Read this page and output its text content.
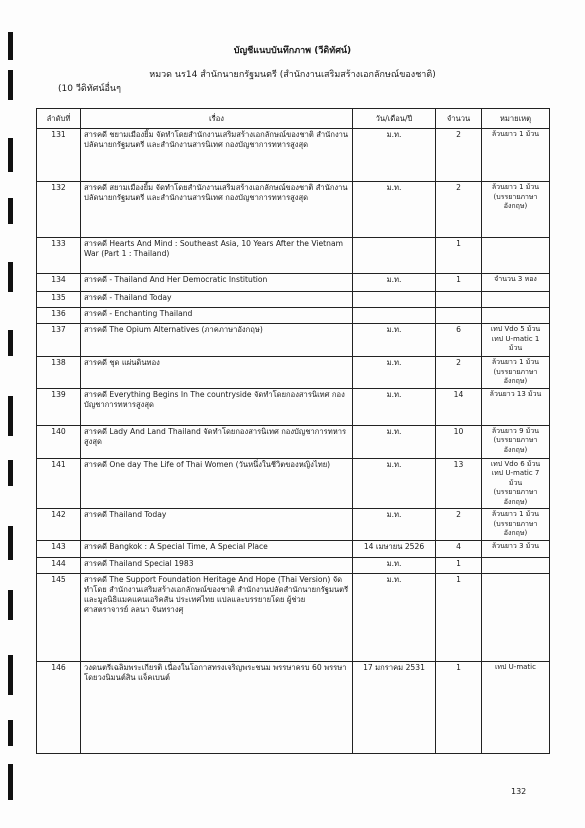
บัญชีแนบบันทึกภาพ (วีดิทัศน์)
หมวด นร14 สำนักนายกรัฐมนตรี (สำนักงานเสริมสร้างเอกลักษณ์ของชาติ)
(10 วีดิทัศน์อื่นๆ
ลำดับที่	เรื่อง	วัน/เดือน/ปี	จำนวน	หมายเหตุ
131	สารคดี ชยามเมืองยิ้ม จัดทำโดยสำนักงานเสริมสร้างเอกลักษณ์ของชาติ สำนักงานปลัดนายกรัฐมนตรี และสำนักงานสารนิเทศ กองบัญชาการทหารสูงสุด	ม.ท.	2	ล้วนยาว 1 ม้วน

132	สารคดี สยามเมืองยิ้ม จัดทำโดยสำนักงานเสริมสร้างเอกลักษณ์ของชาติ สำนักงานปลัดนายกรัฐมนตรี และสำนักงานสารนิเทศ กองบัญชาการทหารสูงสุด	ม.ท.	2	ล้วนยาว 1 ม้วน
(บรรยายภาษาอังกฤษ)

133	สารคดี Hearts And Mind : Southeast Asia, 10 Years After the Vietnam War (Part 1 : Thailand)		1	
134	สารคดี - Thailand And Her Democratic Institution	ม.ท.	1	จำนวน 3 หอง

135	สารคดี - Thailand Today			
136	สารคดี - Enchanting Thailand			
137	สารคดี The Opium Alternatives (ภาคภาษาอังกฤษ)	ม.ท.	6	เทป Vdo 5 ม้วน
เทป U-matic 1 ม้วน

138	สารคดี ชุด แผ่นดินทอง	ม.ท.	2	ล้วนยาว 1 ม้วน
(บรรยายภาษาอังกฤษ)

139	สารคดี Everything Begins In The countryside จัดทำโดยกองสารนิเทศ กองบัญชาการทหารสูงสุด	ม.ท.	14	ล้วนยาว 13 ม้วน

140	สารคดี Lady And Land Thailand จัดทำโดยกองสารนิเทศ กองบัญชาการทหารสูงสุด	ม.ท.	10	ล้วนยาว 9 ม้วน
(บรรยายภาษาอังกฤษ)

141	สารคดี One day The Life of Thai Women (วันหนึ่งในชีวิตของหญิงไทย)	ม.ท.	13	เทป Vdo 6 ม้วน
เทป U-matic 7 ม้วน
(บรรยายภาษาอังกฤษ)

142	สารคดี Thailand Today	ม.ท.	2	ล้วนยาว 1 ม้วน
(บรรยายภาษาอังกฤษ)

143	สารคดี Bangkok : A Special Time, A Special Place	14 เมษายน 2526	4	ล้วนยาว 3 ม้วน

144	สารคดี Thailand Special 1983	ม.ท.	1	
145	สารคดี The Support Foundation Heritage And Hope (Thai Version) จัดทำโดย สำนักงานเสริมสร้างเอกลักษณ์ของชาติ สำนักงานปลัดสำนักนายกรัฐมนตรี และมูลนิธิแมคแคนเอริคสัน ประเทศไทย แปลและบรรยายโดย ผู้ช่วยศาสตราจารย์ ลลนา จันทรางศุ	ม.ท.	1	
146	วงดนตรีเฉลิมพระเกียรติ เนื่องในโอกาสทรงเจริญพระชนม พรรษาครบ 60 พรรษา โดยวงนิมนต์สิน แจ็คเบนต์	17 มกราคม 2531	1	เทป U-matic
132
